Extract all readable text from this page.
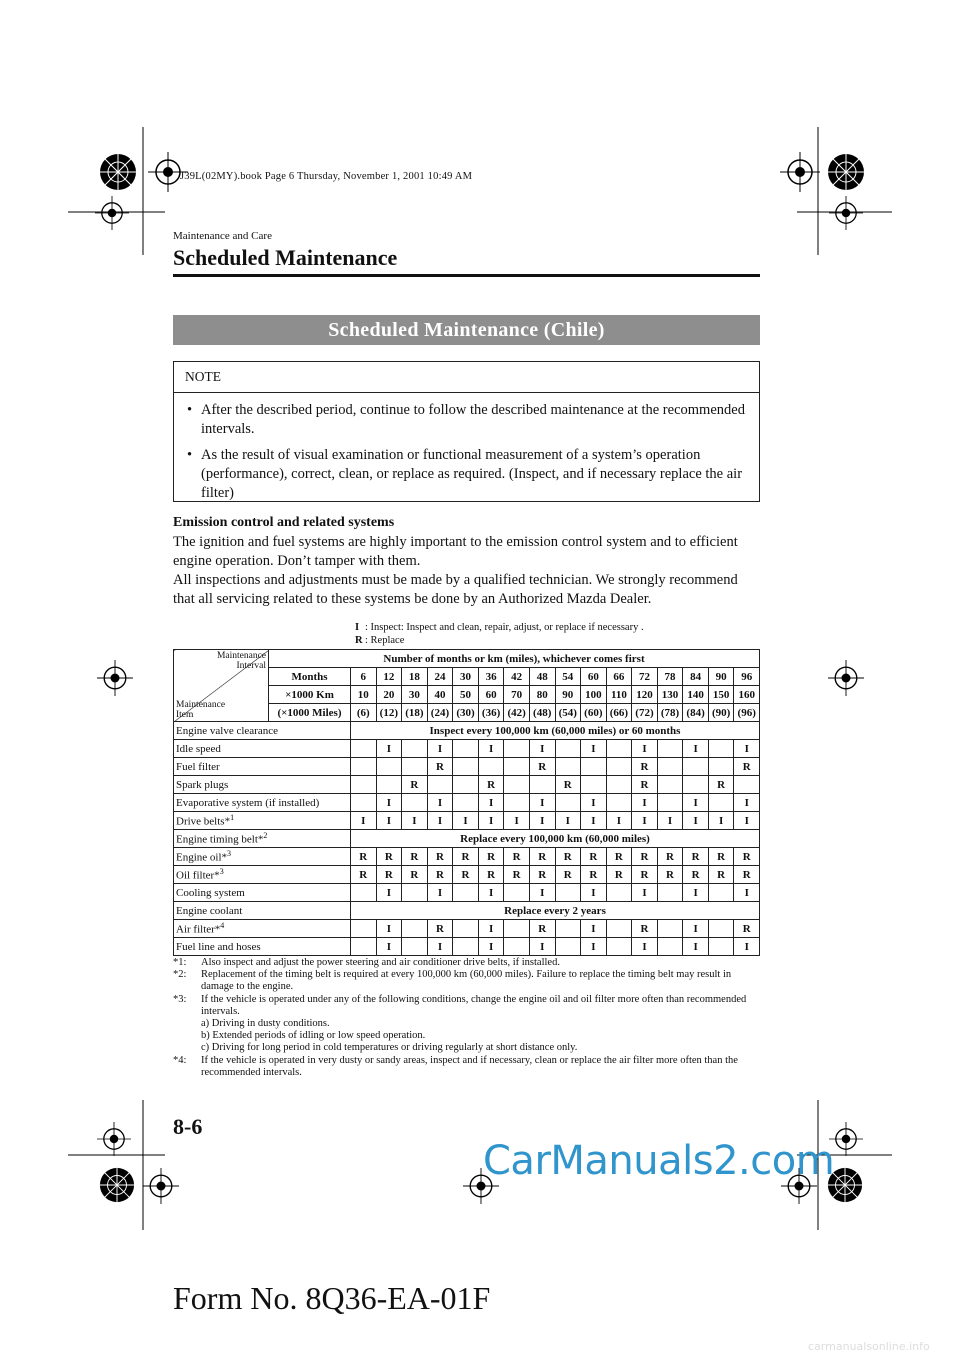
J39L(02MY).book Page 6 Thursday, November 1, 2001 10:49 AM
Maintenance and Care
Scheduled Maintenance
Scheduled Maintenance (Chile)
NOTE
• After the described period, continue to follow the described maintenance at the recommended intervals.
• As the result of visual examination or functional measurement of a system’s operation (performance), correct, clean, or replace as required. (Inspect, and if necessary replace the air filter)
Emission control and related systems
The ignition and fuel systems are highly important to the emission control system and to efficient engine operation. Don’t tamper with them.
All inspections and adjustments must be made by a qualified technician. We strongly recommend that all servicing related to these systems be done by an Authorized Mazda Dealer.
I : Inspect: Inspect and clean, repair, adjust, or replace if necessary .
R : Replace
Maintenance Interval
Maintenance Item	Number of months or km (miles), whichever comes first																
	Months	6	12	18	24	30	36	42	48	54	60	66	72	78	84	90	96
	×1000 Km	10	20	30	40	50	60	70	80	90	100	110	120	130	140	150	160
	(×1000 Miles)	(6)	(12)	(18)	(24)	(30)	(36)	(42)	(48)	(54)	(60)	(66)	(72)	(78)	(84)	(90)	(96)
Engine valve clearance		Inspect every 100,000 km (60,000 miles) or 60 months															
Idle speed			I		I		I		I		I		I		I		I
Fuel filter					R				R				R				R
Spark plugs				R			R			R			R			R	
Evaporative system (if installed)			I		I		I		I		I		I		I		I
Drive belts*$^1$		I	I	I	I	I	I	I	I	I	I	I	I	I	I	I	I
Engine timing belt*$^2$		Replace every 100,000 km (60,000 miles)															
Engine oil*$^3$		R	R	R	R	R	R	R	R	R	R	R	R	R	R	R	R
Oil filter*$^3$		R	R	R	R	R	R	R	R	R	R	R	R	R	R	R	R
Cooling system			I		I		I		I		I		I		I		I
Engine coolant		Replace every 2 years															
Air filter*$^4$			I		R		I		R		I		R		I		R
Fuel line and hoses			I		I		I		I		I		I		I		I
*1: Also inspect and adjust the power steering and air conditioner drive belts, if installed.
*2: Replacement of the timing belt is required at every 100,000 km (60,000 miles). Failure to replace the timing belt may result in damage to the engine.
*3: If the vehicle is operated under any of the following conditions, change the engine oil and oil filter more often than recommended intervals.
a) Driving in dusty conditions.
b) Extended periods of idling or low speed operation.
c) Driving for long period in cold temperatures or driving regularly at short distance only.
*4: If the vehicle is operated in very dusty or sandy areas, inspect and if necessary, clean or replace the air filter more often than the recommended intervals.
8-6
CarManuals2.com
Form No. 8Q36-EA-01F
carmanualsonline.info
